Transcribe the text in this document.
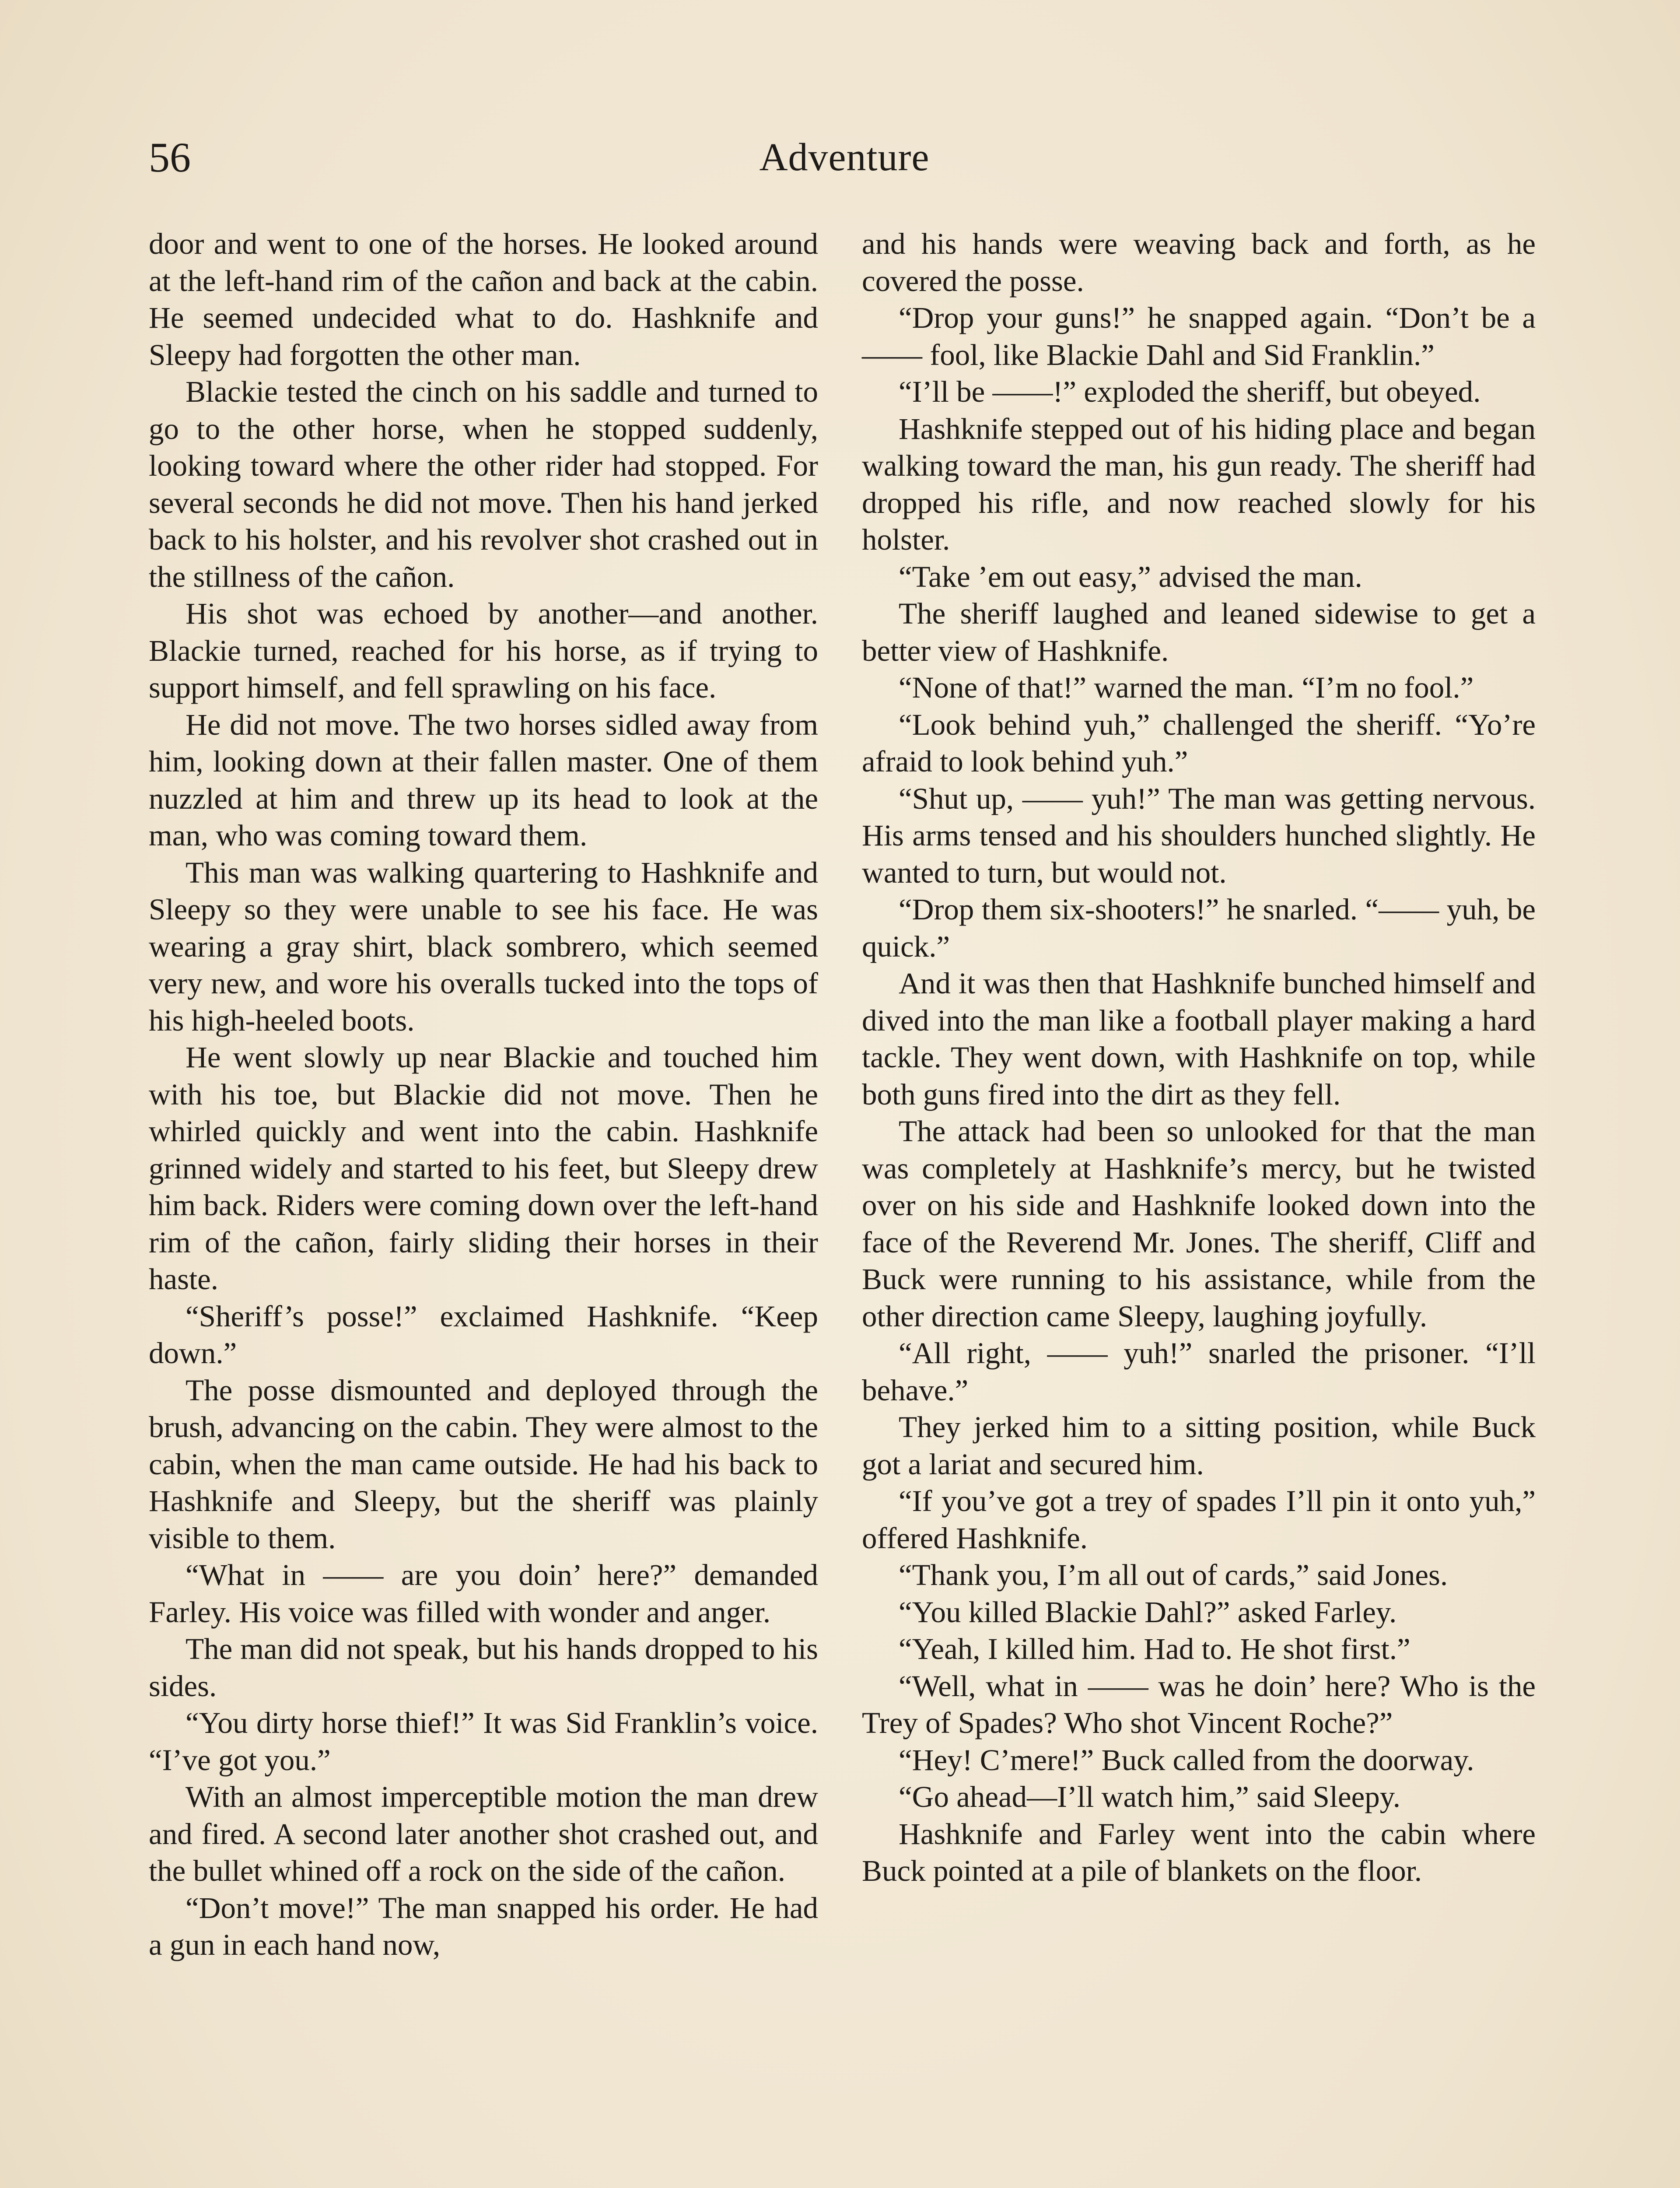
56	Adventure

door and went to one of the horses. He looked around at the left-hand rim of the cañon and back at the cabin. He seemed undecided what to do. Hashknife and Sleepy had forgotten the other man.

Blackie tested the cinch on his saddle and turned to go to the other horse, when he stopped suddenly, looking toward where the other rider had stopped. For several seconds he did not move. Then his hand jerked back to his holster, and his revolver shot crashed out in the stillness of the cañon.

His shot was echoed by another—and another. Blackie turned, reached for his horse, as if trying to support himself, and fell sprawling on his face.

He did not move. The two horses sidled away from him, looking down at their fallen master. One of them nuzzled at him and threw up its head to look at the man, who was coming toward them.

This man was walking quartering to Hashknife and Sleepy so they were unable to see his face. He was wearing a gray shirt, black sombrero, which seemed very new, and wore his overalls tucked into the tops of his high-heeled boots.

He went slowly up near Blackie and touched him with his toe, but Blackie did not move. Then he whirled quickly and went into the cabin. Hashknife grinned widely and started to his feet, but Sleepy drew him back. Riders were coming down over the left-hand rim of the cañon, fairly sliding their horses in their haste.

“Sheriff’s posse!” exclaimed Hashknife. “Keep down.”

The posse dismounted and deployed through the brush, advancing on the cabin. They were almost to the cabin, when the man came outside. He had his back to Hashknife and Sleepy, but the sheriff was plainly visible to them.

“What in —— are you doin’ here?” demanded Farley. His voice was filled with wonder and anger.

The man did not speak, but his hands dropped to his sides.

“You dirty horse thief!” It was Sid Franklin’s voice. “I’ve got you.”

With an almost imperceptible motion the man drew and fired. A second later another shot crashed out, and the bullet whined off a rock on the side of the cañon.

“Don’t move!” The man snapped his order. He had a gun in each hand now,

and his hands were weaving back and forth, as he covered the posse.

“Drop your guns!” he snapped again. “Don’t be a —— fool, like Blackie Dahl and Sid Franklin.”

“I’ll be ——!” exploded the sheriff, but obeyed.

Hashknife stepped out of his hiding place and began walking toward the man, his gun ready. The sheriff had dropped his rifle, and now reached slowly for his holster.

“Take ’em out easy,” advised the man.

The sheriff laughed and leaned sidewise to get a better view of Hashknife.

“None of that!” warned the man. “I’m no fool.”

“Look behind yuh,” challenged the sheriff. “Yo’re afraid to look behind yuh.”

“Shut up, —— yuh!” The man was getting nervous. His arms tensed and his shoulders hunched slightly. He wanted to turn, but would not.

“Drop them six-shooters!” he snarled. “—— yuh, be quick.”

And it was then that Hashknife bunched himself and dived into the man like a football player making a hard tackle. They went down, with Hashknife on top, while both guns fired into the dirt as they fell.

The attack had been so unlooked for that the man was completely at Hashknife’s mercy, but he twisted over on his side and Hashknife looked down into the face of the Reverend Mr. Jones. The sheriff, Cliff and Buck were running to his assistance, while from the other direction came Sleepy, laughing joyfully.

“All right, —— yuh!” snarled the prisoner. “I’ll behave.”

They jerked him to a sitting position, while Buck got a lariat and secured him.

“If you’ve got a trey of spades I’ll pin it onto yuh,” offered Hashknife.

“Thank you, I’m all out of cards,” said Jones.

“You killed Blackie Dahl?” asked Farley.

“Yeah, I killed him. Had to. He shot first.”

“Well, what in —— was he doin’ here? Who is the Trey of Spades? Who shot Vincent Roche?”

“Hey! C’mere!” Buck called from the doorway.

“Go ahead—I’ll watch him,” said Sleepy.

Hashknife and Farley went into the cabin where Buck pointed at a pile of blankets on the floor.
